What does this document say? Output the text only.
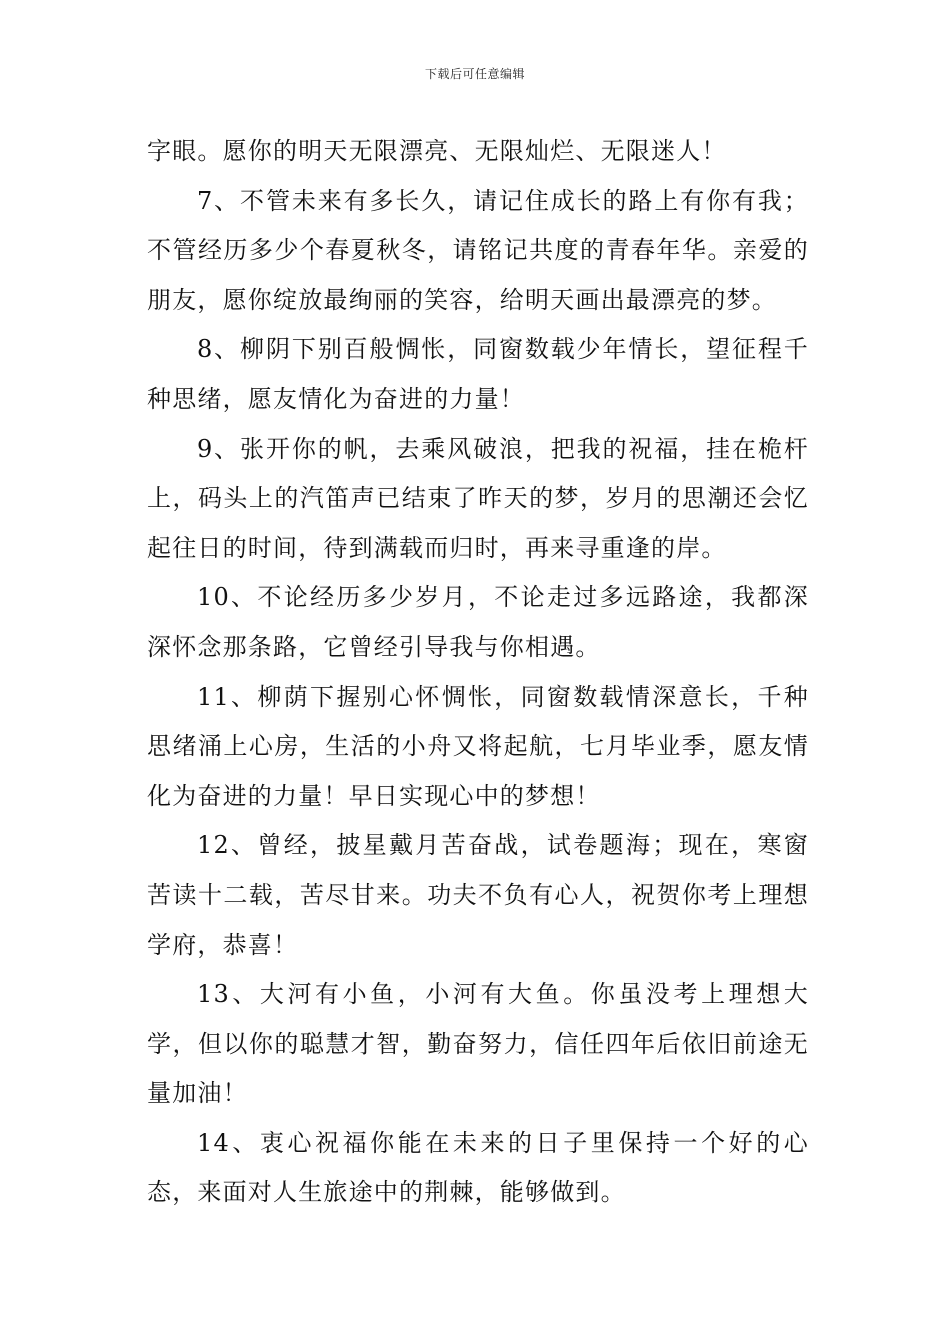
下载后可任意编辑

字眼。愿你的明天无限漂亮、无限灿烂、无限迷人！

7、不管未来有多长久，请记住成长的路上有你有我；不管经历多少个春夏秋冬，请铭记共度的青春年华。亲爱的朋友，愿你绽放最绚丽的笑容，给明天画出最漂亮的梦。

8、柳阴下别百般惆怅，同窗数载少年情长，望征程千种思绪，愿友情化为奋进的力量！

9、张开你的帆，去乘风破浪，把我的祝福，挂在桅杆上，码头上的汽笛声已结束了昨天的梦，岁月的思潮还会忆起往日的时间，待到满载而归时，再来寻重逢的岸。

10、不论经历多少岁月，不论走过多远路途，我都深深怀念那条路，它曾经引导我与你相遇。

11、柳荫下握别心怀惆怅，同窗数载情深意长，千种思绪涌上心房，生活的小舟又将起航，七月毕业季，愿友情化为奋进的力量！早日实现心中的梦想！

12、曾经，披星戴月苦奋战，试卷题海；现在，寒窗苦读十二载，苦尽甘来。功夫不负有心人，祝贺你考上理想学府，恭喜！

13、大河有小鱼，小河有大鱼。你虽没考上理想大学，但以你的聪慧才智，勤奋努力，信任四年后依旧前途无量加油！

14、衷心祝福你能在未来的日子里保持一个好的心态，来面对人生旅途中的荆棘，能够做到。
